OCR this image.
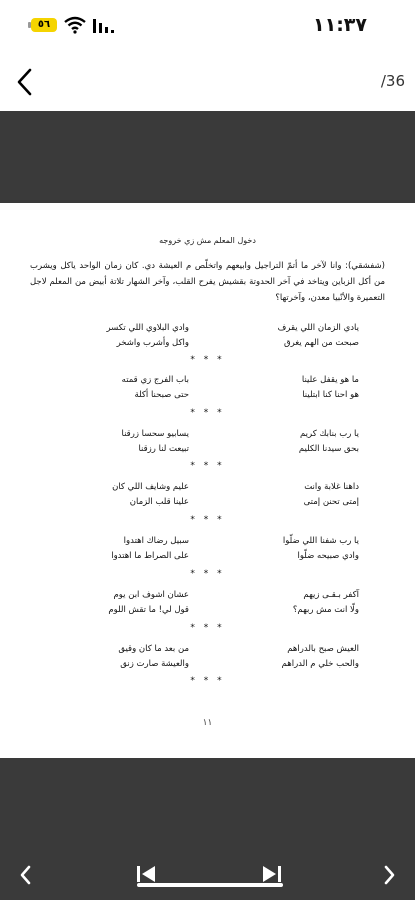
٥٦	١١:٣٧
/36
دخول المعلم مش زي خروجه
(شفشقي): وانا لآخر ما أتمّ التراجيل وابيعهم واتخلّص م العيشة دي. كان زمان الواحد ياكل ويشرب من أكل الزباين ويتاخد في آخر الحدوتة بقشيش يفرح القلب، وآخر الشهار تلاتة أبيض من المعلم لاجل التعميرة والأنّبيا معدن، وآخرتها؟
يادي الزمان اللي يقرف
وادي البلاوي اللي تكسر
صبحت من الهم يغرق
واكل وأشرب واشخر
* * *
ما هو يقفل علينا
باب الفرج زي قمته
هو احنا كنا ابتلينا
حتى صبحنا أكلة
* * *
يا رب بنابك كريم
يسابيو سحسا زرقنا
بحق سيدنا الكليم
تبيعت لنا رزقنا
* * *
داهنا غلابة وانت
عليم وشايف اللي كان
إمتى تحنن إمتى
علينا قلب الزمان
* * *
يا رب شفنا اللي ضلّوا
سبيل رضاك اهتدوا
وادي صبيحه ضلّوا
على الصراط ما اهتدوا
* * *
آكفر بـقـى زيهم
عشان اشوف ابن يوم
ولّا انت مش ربهم؟
قول لي! ما تقش اللوم
* * *
العيش صبح بالدراهم
من بعد ما كان وقيق
والحب خلي م الدراهم
والعيشة صارت زنق
* * *
١١
